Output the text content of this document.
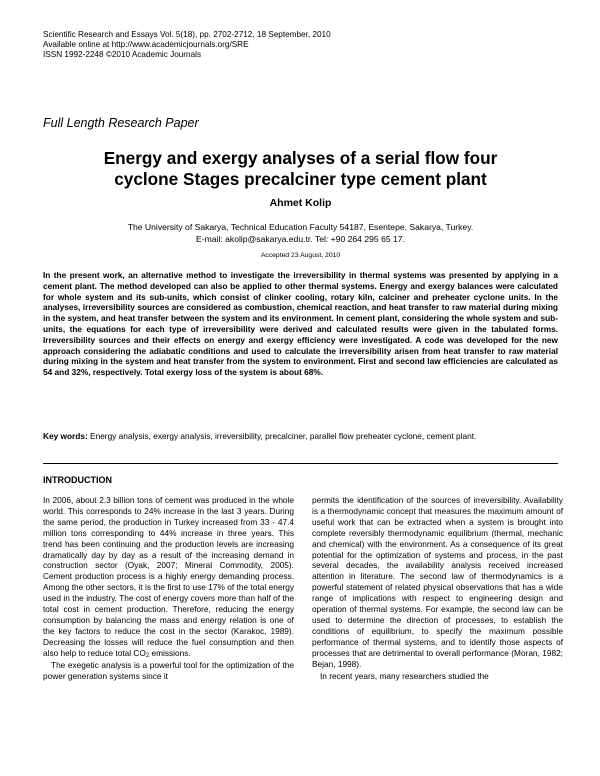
Scientific Research and Essays Vol. 5(18), pp. 2702-2712, 18 September, 2010
Available online at http://www.academicjournals.org/SRE
ISSN 1992-2248 ©2010 Academic Journals
Full Length Research Paper
Energy and exergy analyses of a serial flow four
cyclone Stages precalciner type cement plant
Ahmet Kolip
The University of Sakarya, Technical Education Faculty 54187, Esentepe, Sakarya, Turkey.
E-mail: akolip@sakarya.edu.tr. Tel: +90 264 295 65 17.
Accepted 23 August, 2010
In the present work, an alternative method to investigate the irreversibility in thermal systems was presented by applying in a cement plant. The method developed can also be applied to other thermal systems. Energy and exergy balances were calculated for whole system and its sub-units, which consist of clinker cooling, rotary kiln, calciner and preheater cyclone units. In the analyses, irreversibility sources are considered as combustion, chemical reaction, and heat transfer to raw material during mixing in the system, and heat transfer between the system and its environment. In cement plant, considering the whole system and sub-units, the equations for each type of irreversibility were derived and calculated results were given in the tabulated forms. Irreversibility sources and their effects on energy and exergy efficiency were investigated. A code was developed for the new approach considering the adiabatic conditions and used to calculate the irreversibility arisen from heat transfer to raw material during mixing in the system and heat transfer from the system to environment. First and second law efficiencies are calculated as 54 and 32%, respectively. Total exergy loss of the system is about 68%.
Key words: Energy analysis, exergy analysis, irreversibility, precalciner, parallel flow preheater cyclone, cement plant.
INTRODUCTION

In 2006, about 2.3 billion tons of cement was produced in the whole world. This corresponds to 24% increase in the last 3 years. During the same period, the production in Turkey increased from 33 - 47.4 million tons corresponding to 44% increase in three years. This trend has been continuing and the production levels are increasing dramatically day by day as a result of the increasing demand in construction sector (Oyak, 2007; Mineral Commodity, 2005). Cement production process is a highly energy demanding process. Among the other sectors, it is the first to use 17% of the total energy used in the industry. The cost of energy covers more than half of the total cost in cement production. Therefore, reducing the energy consumption by balancing the mass and energy relation is one of the key factors to reduce the cost in the sector (Karakoc, 1989). Decreasing the losses will reduce the fuel consumption and then also help to reduce total $CO_2$ emissions.

The exegetic analysis is a powerful tool for the optimization of the power generation systems since it

permits the identification of the sources of irreversibility. Availability is a thermodynamic concept that measures the maximum amount of useful work that can be extracted when a system is brought into complete reversibly thermodynamic equilibrium (thermal, mechanic and chemical) with the environment. As a consequence of its great potential for the optimization of systems and process, in the past several decades, the availability analysis received increased attention in literature. The second law of thermodynamics is a powerful statement of related physical observations that has a wide range of implications with respect to engineering design and operation of thermal systems. For example, the second law can be used to determine the direction of processes, to establish the conditions of equilibrium, to specify the maximum possible performance of thermal systems, and to identify those aspects of processes that are detrimental to overall performance (Moran, 1982; Bejan, 1998).

In recent years, many researchers studied the
